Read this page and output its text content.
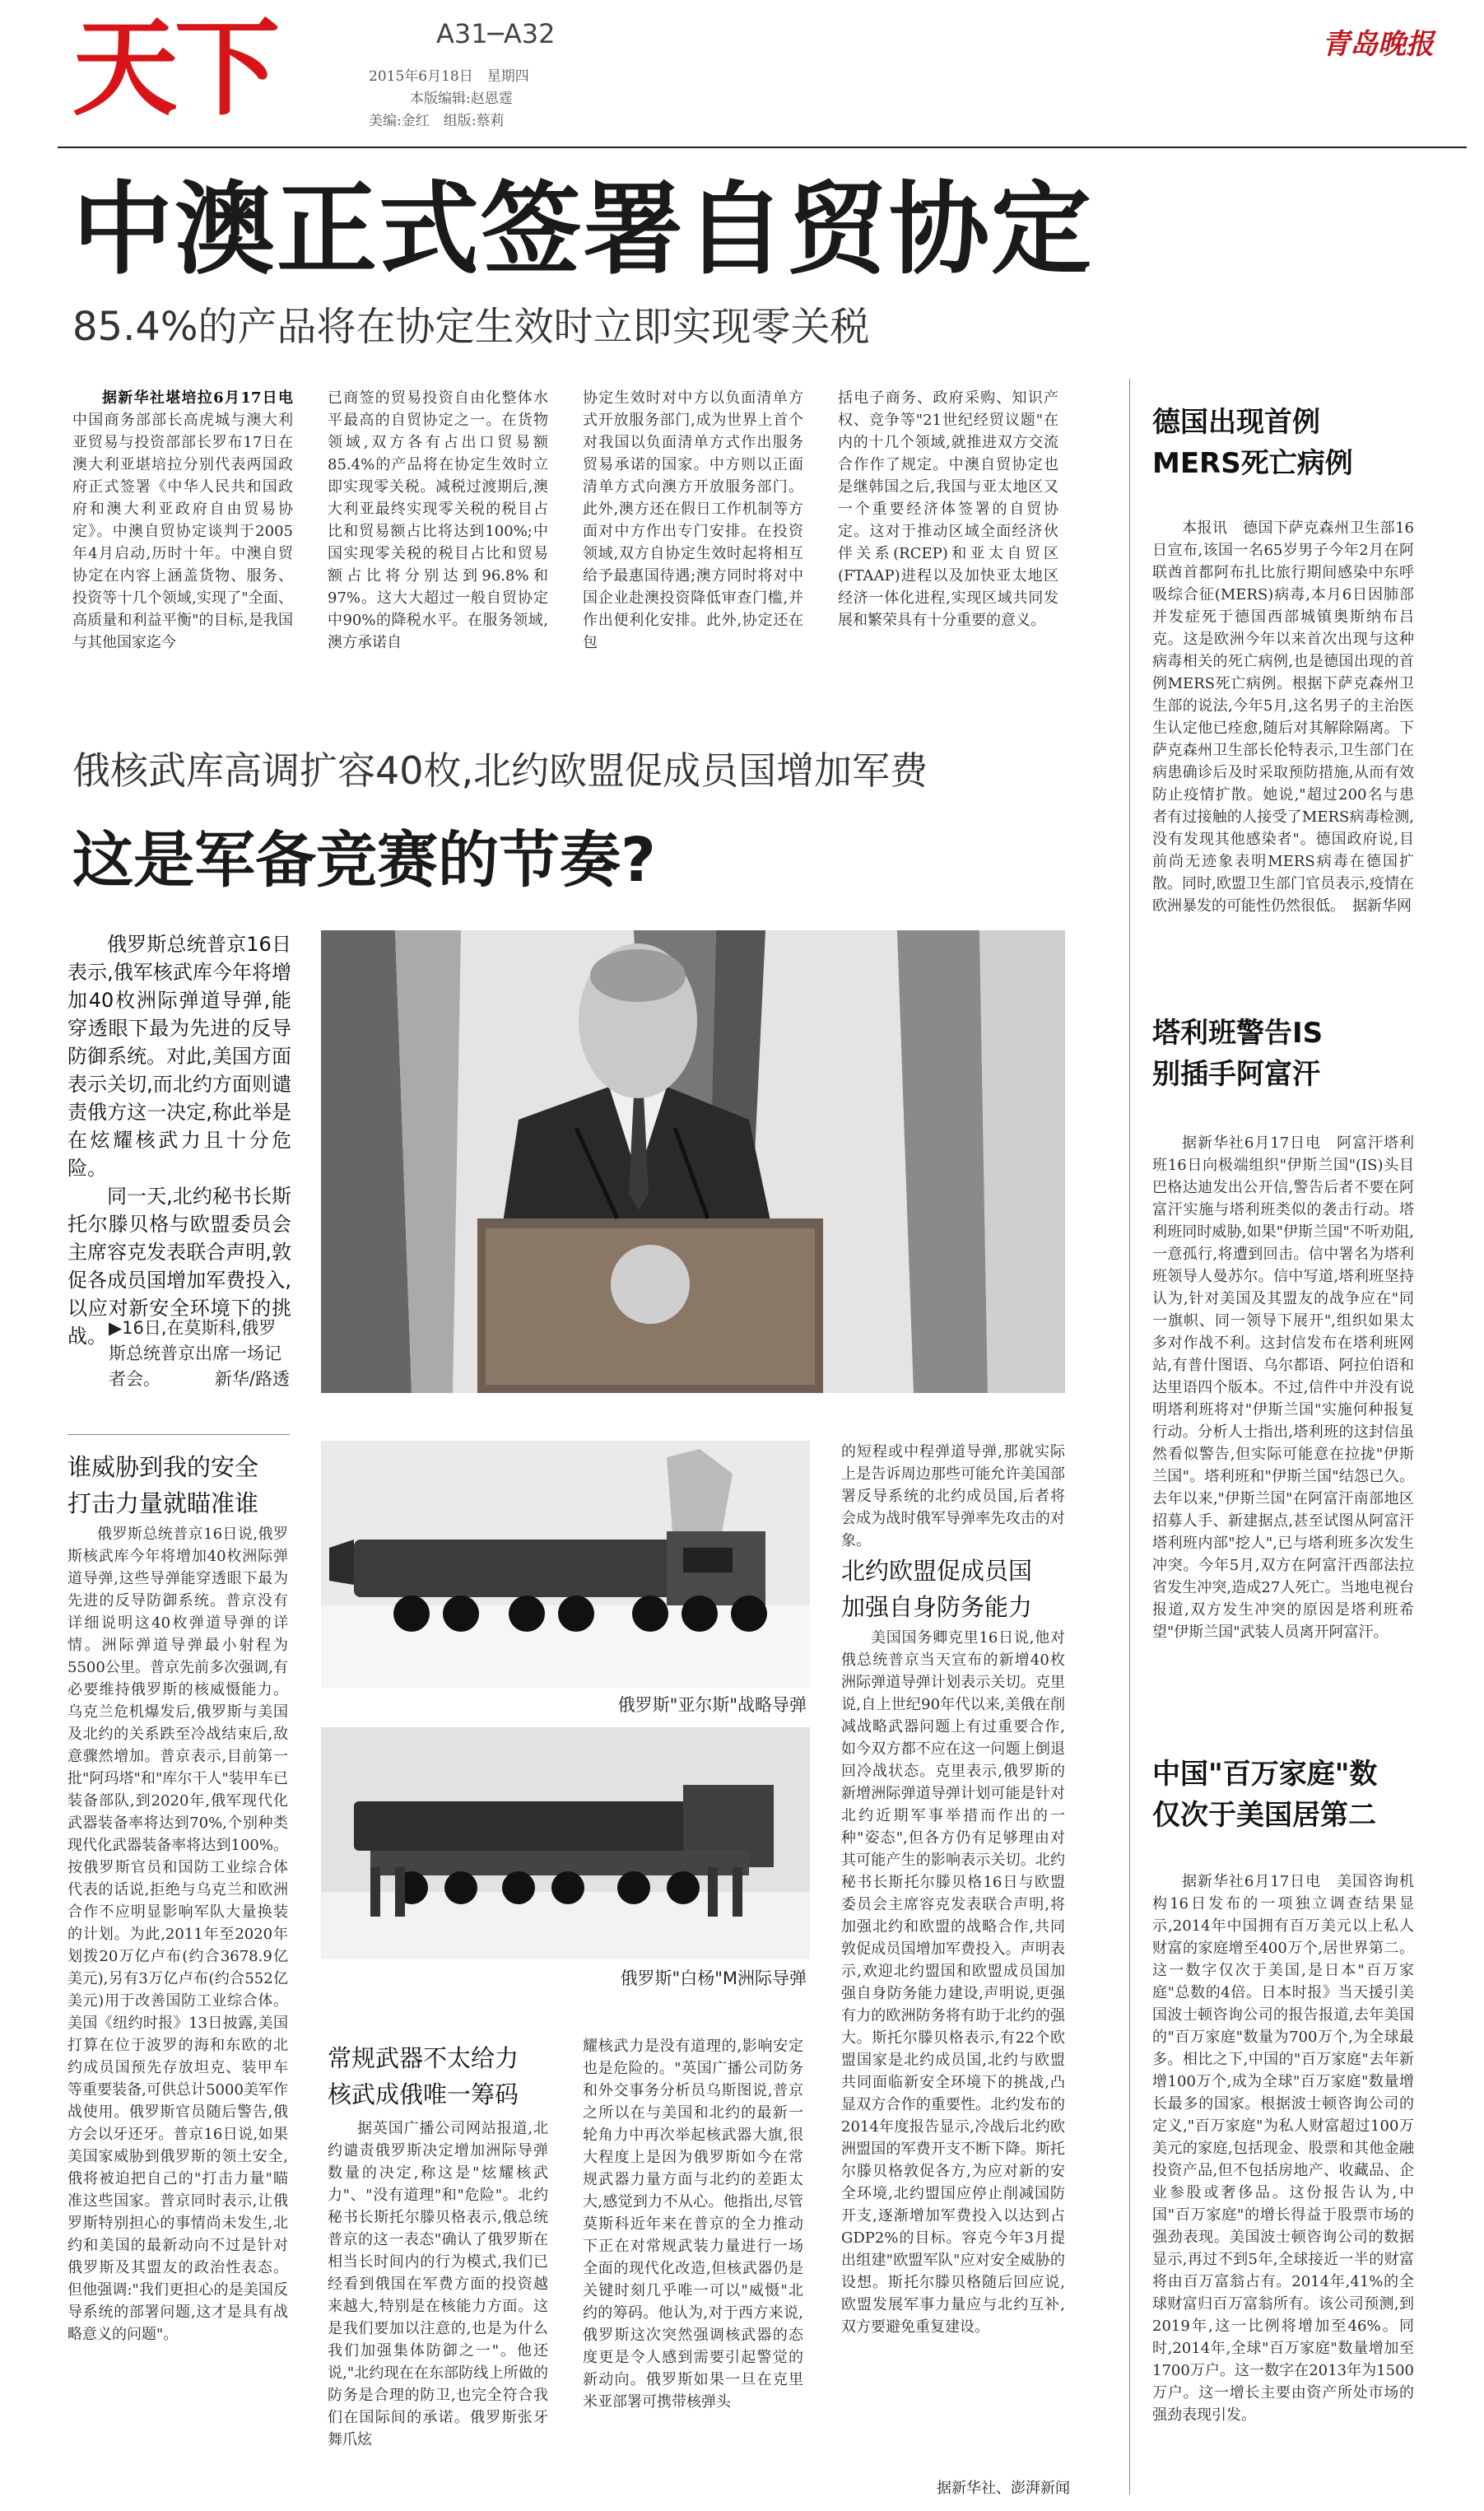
天下	A31─A32
2015年6月18日　星期四
本版编辑:赵恩霆
美编:金红　组版:蔡莉
青岛晚报
中澳正式签署自贸协定
85.4%的产品将在协定生效时立即实现零关税

据新华社堪培拉6月17日电 中国商务部部长高虎城与澳大利亚贸易与投资部部长罗布17日在澳大利亚堪培拉分别代表两国政府正式签署《中华人民共和国政府和澳大利亚政府自由贸易协定》。中澳自贸协定谈判于2005年4月启动,历时十年。中澳自贸协定在内容上涵盖货物、服务、投资等十几个领域,实现了"全面、高质量和利益平衡"的目标,是我国与其他国家迄今

已商签的贸易投资自由化整体水平最高的自贸协定之一。在货物领域,双方各有占出口贸易额85.4%的产品将在协定生效时立即实现零关税。减税过渡期后,澳大利亚最终实现零关税的税目占比和贸易额占比将达到100%;中国实现零关税的税目占比和贸易额占比将分别达到96.8%和97%。这大大超过一般自贸协定中90%的降税水平。在服务领域,澳方承诺自
协定生效时对中方以负面清单方式开放服务部门,成为世界上首个对我国以负面清单方式作出服务贸易承诺的国家。中方则以正面清单方式向澳方开放服务部门。此外,澳方还在假日工作机制等方面对中方作出专门安排。在投资领域,双方自协定生效时起将相互给予最惠国待遇;澳方同时将对中国企业赴澳投资降低审查门槛,并作出便利化安排。此外,协定还在包
括电子商务、政府采购、知识产权、竞争等"21世纪经贸议题"在内的十几个领域,就推进双方交流合作作了规定。中澳自贸协定也是继韩国之后,我国与亚太地区又一个重要经济体签署的自贸协定。这对于推动区域全面经济伙伴关系(RCEP)和亚太自贸区(FTAAP)进程以及加快亚太地区经济一体化进程,实现区域共同发展和繁荣具有十分重要的意义。
德国出现首例
MERS死亡病例

本报讯　德国下萨克森州卫生部16日宣布,该国一名65岁男子今年2月在阿联酋首都阿布扎比旅行期间感染中东呼吸综合征(MERS)病毒,本月6日因肺部并发症死于德国西部城镇奥斯纳布吕克。这是欧洲今年以来首次出现与这种病毒相关的死亡病例,也是德国出现的首例MERS死亡病例。根据下萨克森州卫生部的说法,今年5月,这名男子的主治医生认定他已痊愈,随后对其解除隔离。下萨克森州卫生部长伦特表示,卫生部门在病患确诊后及时采取预防措施,从而有效防止疫情扩散。她说,"超过200名与患者有过接触的人接受了MERS病毒检测,没有发现其他感染者"。德国政府说,目前尚无迹象表明MERS病毒在德国扩散。同时,欧盟卫生部门官员表示,疫情在欧洲暴发的可能性仍然很低。　据新华网

塔利班警告IS
别插手阿富汗

据新华社6月17日电　阿富汗塔利班16日向极端组织"伊斯兰国"(IS)头目巴格达迪发出公开信,警告后者不要在阿富汗实施与塔利班类似的袭击行动。塔利班同时威胁,如果"伊斯兰国"不听劝阻,一意孤行,将遭到回击。信中署名为塔利班领导人曼苏尔。信中写道,塔利班坚持认为,针对美国及其盟友的战争应在"同一旗帜、同一领导下展开",组织如果太多对作战不利。这封信发布在塔利班网站,有普什图语、乌尔都语、阿拉伯语和达里语四个版本。不过,信件中并没有说明塔利班将对"伊斯兰国"实施何种报复行动。分析人士指出,塔利班的这封信虽然看似警告,但实际可能意在拉拢"伊斯兰国"。塔利班和"伊斯兰国"结怨已久。去年以来,"伊斯兰国"在阿富汗南部地区招募人手、新建据点,甚至试图从阿富汗塔利班内部"挖人",已与塔利班多次发生冲突。今年5月,双方在阿富汗西部法拉省发生冲突,造成27人死亡。当地电视台报道,双方发生冲突的原因是塔利班希望"伊斯兰国"武装人员离开阿富汗。

中国"百万家庭"数
仅次于美国居第二

据新华社6月17日电　美国咨询机构16日发布的一项独立调查结果显示,2014年中国拥有百万美元以上私人财富的家庭增至400万个,居世界第二。这一数字仅次于美国,是日本"百万家庭"总数的4倍。日本时报》当天援引美国波士顿咨询公司的报告报道,去年美国的"百万家庭"数量为700万个,为全球最多。相比之下,中国的"百万家庭"去年新增100万个,成为全球"百万家庭"数量增长最多的国家。根据波士顿咨询公司的定义,"百万家庭"为私人财富超过100万美元的家庭,包括现金、股票和其他金融投资产品,但不包括房地产、收藏品、企业参股或奢侈品。这份报告认为,中国"百万家庭"的增长得益于股票市场的强劲表现。美国波士顿咨询公司的数据显示,再过不到5年,全球接近一半的财富将由百万富翁占有。2014年,41%的全球财富归百万富翁所有。该公司预测,到2019年,这一比例将增加至46%。同时,2014年,全球"百万家庭"数量增加至1700万户。这一数字在2013年为1500万户。这一增长主要由资产所处市场的强劲表现引发。

俄核武库高调扩容40枚,北约欧盟促成员国增加军费
这是军备竞赛的节奏?

俄罗斯总统普京16日表示,俄军核武库今年将增加40枚洲际弹道导弹,能穿透眼下最为先进的反导防御系统。对此,美国方面表示关切,而北约方面则谴责俄方这一决定,称此举是在炫耀核武力且十分危险。

同一天,北约秘书长斯托尔滕贝格与欧盟委员会主席容克发表联合声明,敦促各成员国增加军费投入,以应对新安全环境下的挑战。 ▶16日,在莫斯科,俄罗斯总统普京出席一场记者会。	新华/路透
谁威胁到我的安全
打击力量就瞄准谁

俄罗斯总统普京16日说,俄罗斯核武库今年将增加40枚洲际弹道导弹,这些导弹能穿透眼下最为先进的反导防御系统。普京没有详细说明这40枚弹道导弹的详情。洲际弹道导弹最小射程为5500公里。普京先前多次强调,有必要维持俄罗斯的核威慑能力。乌克兰危机爆发后,俄罗斯与美国及北约的关系跌至冷战结束后,敌意骤然增加。普京表示,目前第一批"阿玛塔"和"库尔干人"装甲车已装备部队,到2020年,俄军现代化武器装备率将达到70%,个别种类现代化武器装备率将达到100%。按俄罗斯官员和国防工业综合体代表的话说,拒绝与乌克兰和欧洲合作不应明显影响军队大量换装的计划。为此,2011年至2020年划拨20万亿卢布(约合3678.9亿美元),另有3万亿卢布(约合552亿美元)用于改善国防工业综合体。美国《纽约时报》13日披露,美国打算在位于波罗的海和东欧的北约成员国预先存放坦克、装甲车等重要装备,可供总计5000美军作战使用。俄罗斯官员随后警告,俄方会以牙还牙。普京16日说,如果美国家威胁到俄罗斯的领土安全,俄将被迫把自己的"打击力量"瞄准这些国家。普京同时表示,让俄罗斯特别担心的事情尚未发生,北约和美国的最新动向不过是针对俄罗斯及其盟友的政治性表态。但他强调:"我们更担心的是美国反导系统的部署问题,这才是具有战略意义的问题"。

俄罗斯"亚尔斯"战略导弹
俄罗斯"白杨"M洲际导弹
常规武器不太给力
核武成俄唯一筹码

据英国广播公司网站报道,北约谴责俄罗斯决定增加洲际导弹数量的决定,称这是"炫耀核武力"、"没有道理"和"危险"。北约秘书长斯托尔滕贝格表示,俄总统普京的这一表态"确认了俄罗斯在相当长时间内的行为模式,我们已经看到俄国在军费方面的投资越来越大,特别是在核能力方面。这是我们要加以注意的,也是为什么我们加强集体防御之一"。他还说,"北约现在在东部防线上所做的防务是合理的防卫,也完全符合我们在国际间的承诺。俄罗斯张牙舞爪炫

耀核武力是没有道理的,影响安定也是危险的。"英国广播公司防务和外交事务分析员乌斯图说,普京之所以在与美国和北约的最新一轮角力中再次举起核武器大旗,很大程度上是因为俄罗斯如今在常规武器力量方面与北约的差距太大,感觉到力不从心。他指出,尽管莫斯科近年来在普京的全力推动下正在对常规武装力量进行一场全面的现代化改造,但核武器仍是关键时刻几乎唯一可以"威慑"北约的筹码。他认为,对于西方来说,俄罗斯这次突然强调核武器的态度更是令人感到需要引起警觉的新动向。俄罗斯如果一旦在克里米亚部署可携带核弹头
的短程或中程弹道导弹,那就实际上是告诉周边那些可能允许美国部署反导系统的北约成员国,后者将会成为战时俄军导弹率先攻击的对象。
北约欧盟促成员国
加强自身防务能力

美国国务卿克里16日说,他对俄总统普京当天宣布的新增40枚洲际弹道导弹计划表示关切。克里说,自上世纪90年代以来,美俄在削减战略武器问题上有过重要合作,如今双方都不应在这一问题上倒退回冷战状态。克里表示,俄罗斯的新增洲际弹道导弹计划可能是针对北约近期军事举措而作出的一种"姿态",但各方仍有足够理由对其可能产生的影响表示关切。北约秘书长斯托尔滕贝格16日与欧盟委员会主席容克发表联合声明,将加强北约和欧盟的战略合作,共同敦促成员国增加军费投入。声明表示,欢迎北约盟国和欧盟成员国加强自身防务能力建设,声明说,更强有力的欧洲防务将有助于北约的强大。斯托尔滕贝格表示,有22个欧盟国家是北约成员国,北约与欧盟共同面临新安全环境下的挑战,凸显双方合作的重要性。北约发布的2014年度报告显示,冷战后北约欧洲盟国的军费开支不断下降。斯托尔滕贝格敦促各方,为应对新的安全环境,北约盟国应停止削减国防开支,逐渐增加军费投入以达到占GDP2%的目标。容克今年3月提出组建"欧盟军队"应对安全威胁的设想。斯托尔滕贝格随后回应说,欧盟发展军事力量应与北约互补,双方要避免重复建设。

据新华社、澎湃新闻
